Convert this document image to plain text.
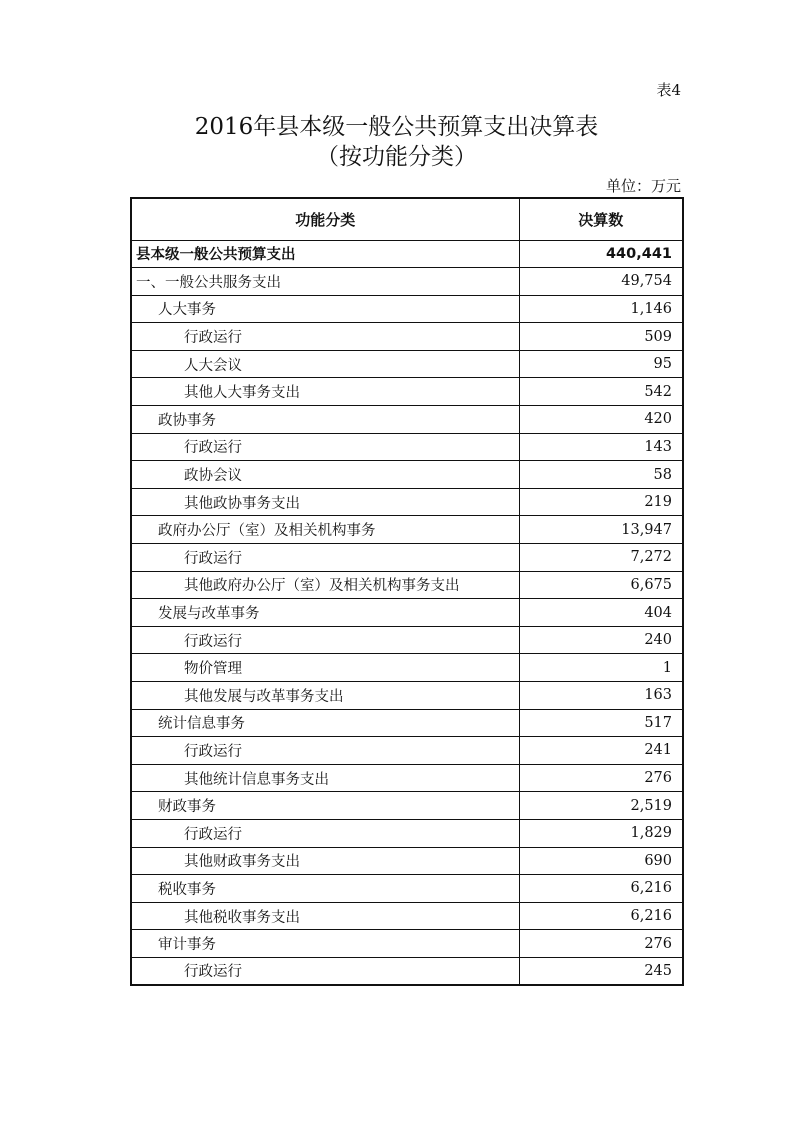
表4
2016年县本级一般公共预算支出决算表
（按功能分类）
单位：万元
功能分类	决算数
县本级一般公共预算支出	440,441
一、一般公共服务支出	49,754
人大事务	1,146
行政运行	509
人大会议	95
其他人大事务支出	542
政协事务	420
行政运行	143
政协会议	58
其他政协事务支出	219
政府办公厅（室）及相关机构事务	13,947
行政运行	7,272
其他政府办公厅（室）及相关机构事务支出	6,675
发展与改革事务	404
行政运行	240
物价管理	1
其他发展与改革事务支出	163
统计信息事务	517
行政运行	241
其他统计信息事务支出	276
财政事务	2,519
行政运行	1,829
其他财政事务支出	690
税收事务	6,216
其他税收事务支出	6,216
审计事务	276
行政运行	245
